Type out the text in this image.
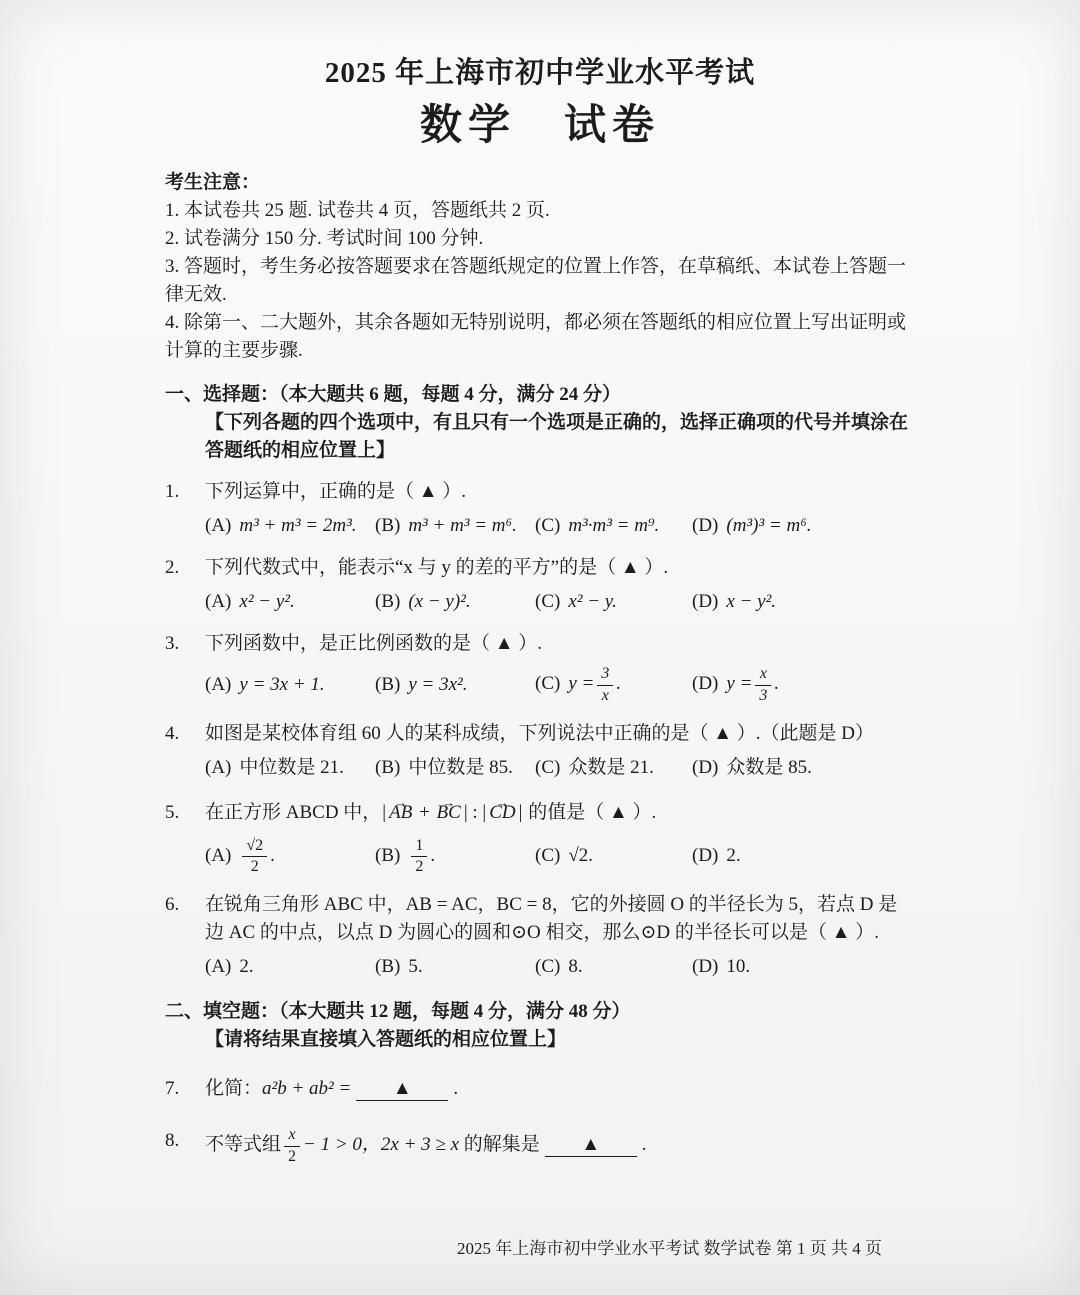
2025 年上海市初中学业水平考试
数学　试卷
考生注意：
1. 本试卷共 25 题. 试卷共 4 页，答题纸共 2 页.
2. 试卷满分 150 分. 考试时间 100 分钟.
3. 答题时，考生务必按答题要求在答题纸规定的位置上作答，在草稿纸、本试卷上答题一律无效.
4. 除第一、二大题外，其余各题如无特别说明，都必须在答题纸的相应位置上写出证明或计算的主要步骤.
一、选择题：（本大题共 6 题，每题 4 分，满分 24 分）
【下列各题的四个选项中，有且只有一个选项是正确的，选择正确项的代号并填涂在答题纸的相应位置上】
1.	下列运算中，正确的是（ ▲ ）.
(A) m³ + m³ = 2m³. (B) m³ + m³ = m⁶. (C) m³·m³ = m⁹.	(D) (m³)³ = m⁶.
2.	下列代数式中，能表示“x 与 y 的差的平方”的是（ ▲ ）.
(A) x² − y².	(B) (x − y)².	(C) x² − y.	(D) x − y².
3.	下列函数中，是正比例函数的是（ ▲ ）.
(A) y = 3x + 1.	(B) y = 3x².	(C) $y = \frac{3}{x}$ .	(D) $y = \frac{x}{3}$ .
4.	如图是某校体育组 60 人的某科成绩，下列说法中正确的是（ ▲ ）.（此题是 D）
(A) 中位数是 21.	(B) 中位数是 85.	(C) 众数是 21.	(D) 众数是 85.
5.	在正方形 ABCD 中，| → AB + → BC | : | → CD | 的值是（ ▲ ）.
$(A) \frac{√2}{2}$ .	$(B) \frac{1}{2}$ .	(C) √2.	(D) 2.
6.	在锐角三角形 ABC 中，AB = AC，BC = 8，它的外接圆 O 的半径长为 5，若点 D 是边 AC 的中点，以点 D 为圆心的圆和⊙O 相交，那么⊙D 的半径长可以是（ ▲ ）.
(A) 2.	(B) 5.	(C) 8.	(D) 10.
二、填空题：（本大题共 12 题，每题 4 分，满分 48 分）
【请将结果直接填入答题纸的相应位置上】
7.	化简：a²b + ab² = ▲ .
8.	不等式组 $\frac{x}{2} - 1 > 0$，2x + 3 ≥ x 的解集是 ▲ .
2025 年上海市初中学业水平考试 数学试卷 第 1 页 共 4 页
